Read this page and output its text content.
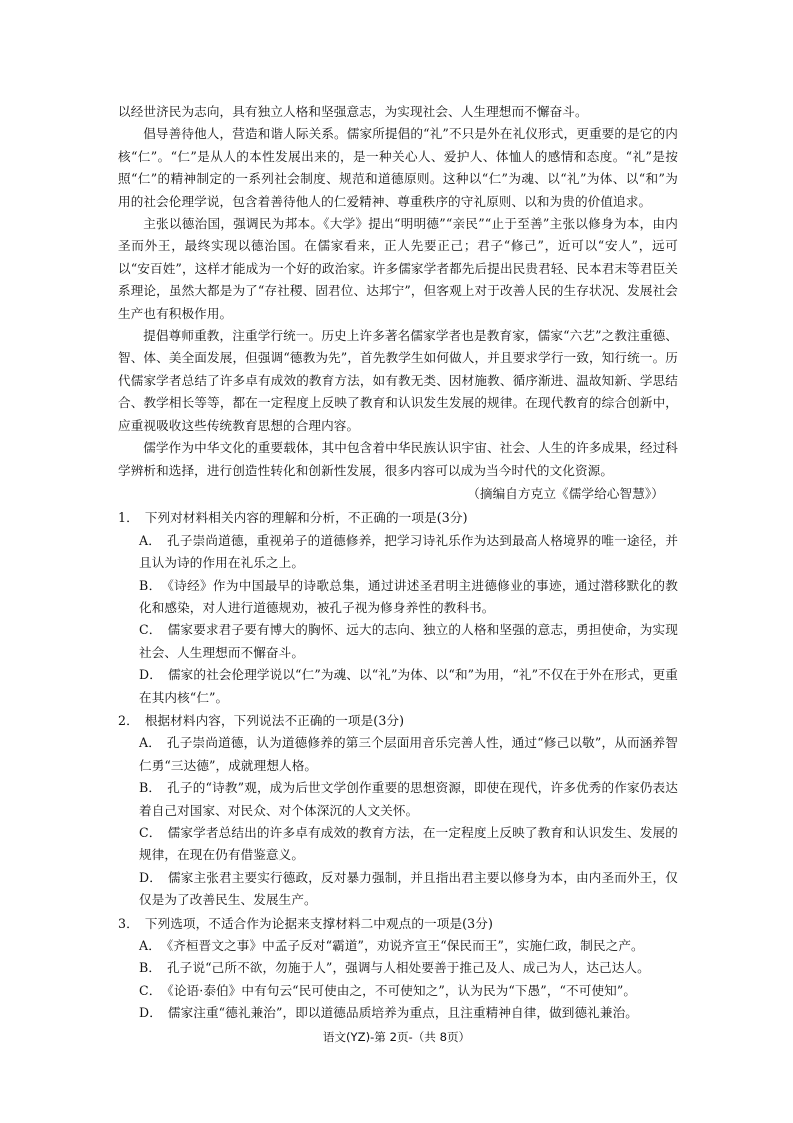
以经世济民为志向，具有独立人格和坚强意志，为实现社会、人生理想而不懈奋斗。

倡导善待他人，营造和谐人际关系。儒家所提倡的“礼”不只是外在礼仪形式，更重要的是它的内核“仁”。“仁”是从人的本性发展出来的，是一种关心人、爱护人、体恤人的感情和态度。“礼”是按照“仁”的精神制定的一系列社会制度、规范和道德原则。这种以“仁”为魂、以“礼”为体、以“和”为用的社会伦理学说，包含着善待他人的仁爱精神、尊重秩序的守礼原则、以和为贵的价值追求。

主张以德治国，强调民为邦本。《大学》提出“明明德”“亲民”“止于至善”主张以修身为本，由内圣而外王，最终实现以德治国。在儒家看来，正人先要正己；君子“修己”，近可以“安人”，远可以“安百姓”，这样才能成为一个好的政治家。许多儒家学者都先后提出民贵君轻、民本君末等君臣关系理论，虽然大都是为了“存社稷、固君位、达邦宁”，但客观上对于改善人民的生存状况、发展社会生产也有积极作用。

提倡尊师重教，注重学行统一。历史上许多著名儒家学者也是教育家，儒家“六艺”之教注重德、智、体、美全面发展，但强调“德教为先”，首先教学生如何做人，并且要求学行一致，知行统一。历代儒家学者总结了许多卓有成效的教育方法，如有教无类、因材施教、循序渐进、温故知新、学思结合、教学相长等等，都在一定程度上反映了教育和认识发生发展的规律。在现代教育的综合创新中，应重视吸收这些传统教育思想的合理内容。

儒学作为中华文化的重要载体，其中包含着中华民族认识宇宙、社会、人生的许多成果，经过科学辨析和选择，进行创造性转化和创新性发展，很多内容可以成为当今时代的文化资源。

（摘编自方克立《儒学给心智慧》）

1． 下列对材料相关内容的理解和分析，不正确的一项是(3分)

A． 孔子崇尚道德，重视弟子的道德修养，把学习诗礼乐作为达到最高人格境界的唯一途径，并且认为诗的作用在礼乐之上。

B． 《诗经》作为中国最早的诗歌总集，通过讲述圣君明主进德修业的事迹，通过潜移默化的教化和感染，对人进行道德规劝，被孔子视为修身养性的教科书。

C． 儒家要求君子要有博大的胸怀、远大的志向、独立的人格和坚强的意志，勇担使命，为实现社会、人生理想而不懈奋斗。

D． 儒家的社会伦理学说以“仁”为魂、以“礼”为体、以“和”为用，“礼”不仅在于外在形式，更重在其内核“仁”。

2． 根据材料内容，下列说法不正确的一项是(3分)

A． 孔子崇尚道德，认为道德修养的第三个层面用音乐完善人性，通过“修己以敬”，从而涵养智仁勇“三达德”，成就理想人格。

B． 孔子的“诗教”观，成为后世文学创作重要的思想资源，即使在现代，许多优秀的作家仍表达着自己对国家、对民众、对个体深沉的人文关怀。

C． 儒家学者总结出的许多卓有成效的教育方法，在一定程度上反映了教育和认识发生、发展的规律，在现在仍有借鉴意义。

D． 儒家主张君主要实行德政，反对暴力强制，并且指出君主要以修身为本，由内圣而外王，仅仅是为了改善民生、发展生产。

3． 下列选项，不适合作为论据来支撑材料二中观点的一项是(3分)

A． 《齐桓晋文之事》中孟子反对“霸道”，劝说齐宣王“保民而王”，实施仁政，制民之产。

B． 孔子说“己所不欲，勿施于人”，强调与人相处要善于推己及人、成己为人，达己达人。

C． 《论语·泰伯》中有句云“民可使由之，不可使知之”，认为民为“下愚”，“不可使知”。

D． 儒家注重“德礼兼治”，即以道德品质培养为重点，且注重精神自律，做到德礼兼治。

语文(YZ)-第 2页-（共 8页）
